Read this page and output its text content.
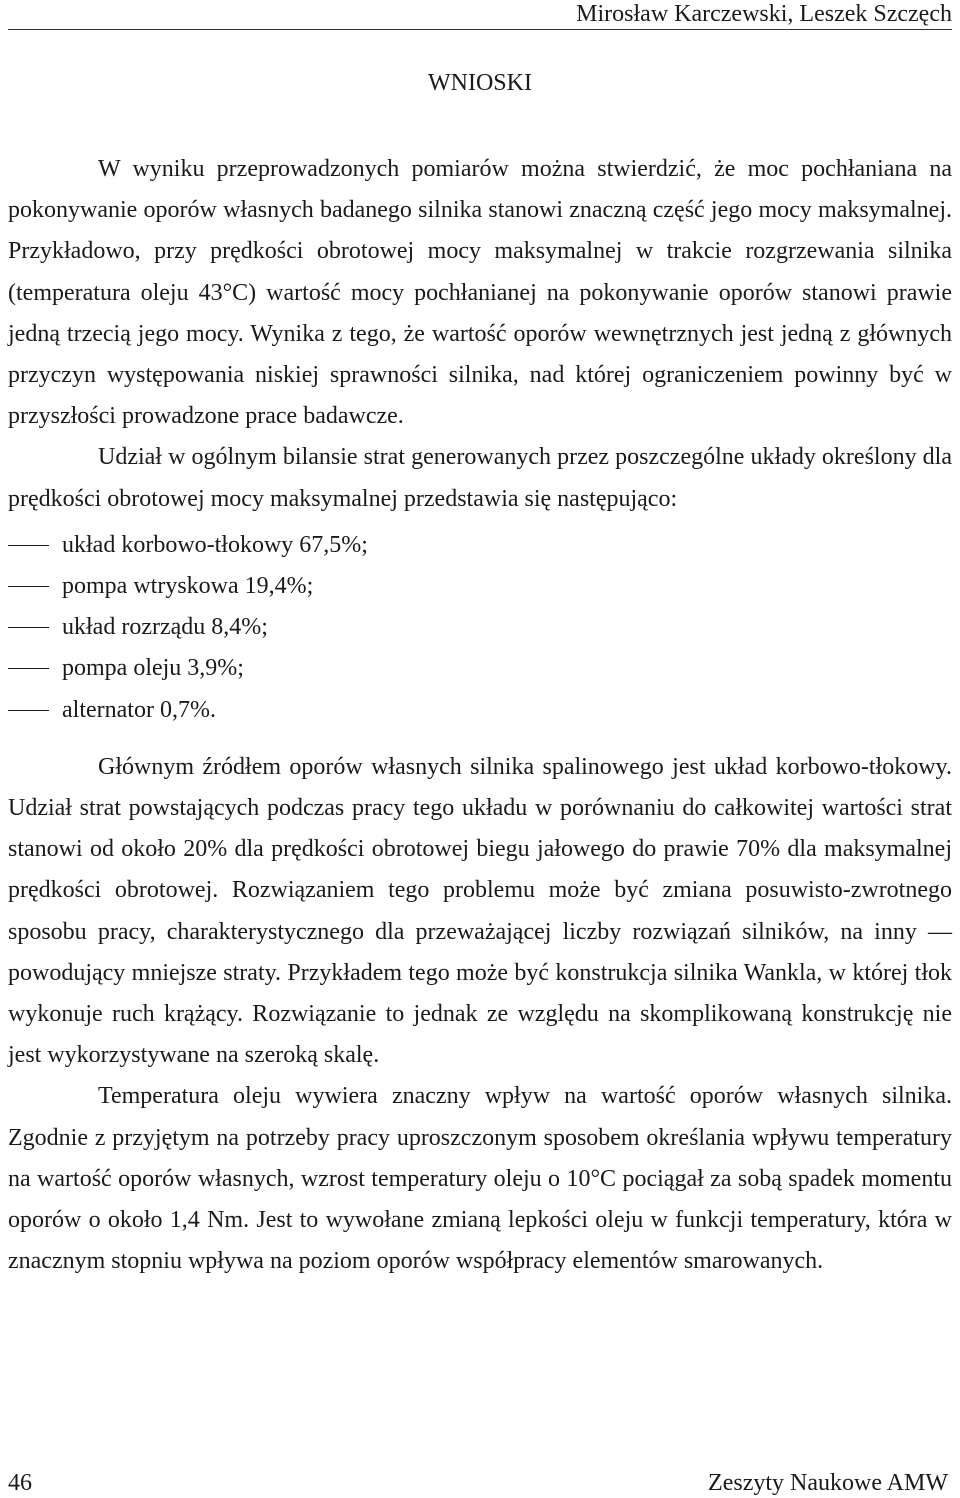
Mirosław Karczewski, Leszek Szczęch
WNIOSKI

W wyniku przeprowadzonych pomiarów można stwierdzić, że moc pochłaniana na pokonywanie oporów własnych badanego silnika stanowi znaczną część jego mocy maksymalnej. Przykładowo, przy prędkości obrotowej mocy maksymalnej w trakcie rozgrzewania silnika (temperatura oleju 43°C) wartość mocy pochłanianej na pokonywanie oporów stanowi prawie jedną trzecią jego mocy. Wynika z tego, że wartość oporów wewnętrznych jest jedną z głównych przyczyn występowania niskiej sprawności silnika, nad której ograniczeniem powinny być w przyszłości prowadzone prace badawcze.

Udział w ogólnym bilansie strat generowanych przez poszczególne układy określony dla prędkości obrotowej mocy maksymalnej przedstawia się następująco:

układ korbowo-tłokowy 67,5%;
pompa wtryskowa 19,4%;
układ rozrządu 8,4%;
pompa oleju 3,9%;
alternator 0,7%.

Głównym źródłem oporów własnych silnika spalinowego jest układ korbowo-tłokowy. Udział strat powstających podczas pracy tego układu w porównaniu do całkowitej wartości strat stanowi od około 20% dla prędkości obrotowej biegu jałowego do prawie 70% dla maksymalnej prędkości obrotowej. Rozwiązaniem tego problemu może być zmiana posuwisto-zwrotnego sposobu pracy, charakterystycznego dla przeważającej liczby rozwiązań silników, na inny — powodujący mniejsze straty. Przykładem tego może być konstrukcja silnika Wankla, w której tłok wykonuje ruch krążący. Rozwiązanie to jednak ze względu na skomplikowaną konstrukcję nie jest wykorzystywane na szeroką skalę.

Temperatura oleju wywiera znaczny wpływ na wartość oporów własnych silnika. Zgodnie z przyjętym na potrzeby pracy uproszczonym sposobem określania wpływu temperatury na wartość oporów własnych, wzrost temperatury oleju o 10°C pociągał za sobą spadek momentu oporów o około 1,4 Nm. Jest to wywołane zmianą lepkości oleju w funkcji temperatury, która w znacznym stopniu wpływa na poziom oporów współpracy elementów smarowanych.

46	Zeszyty Naukowe AMW
